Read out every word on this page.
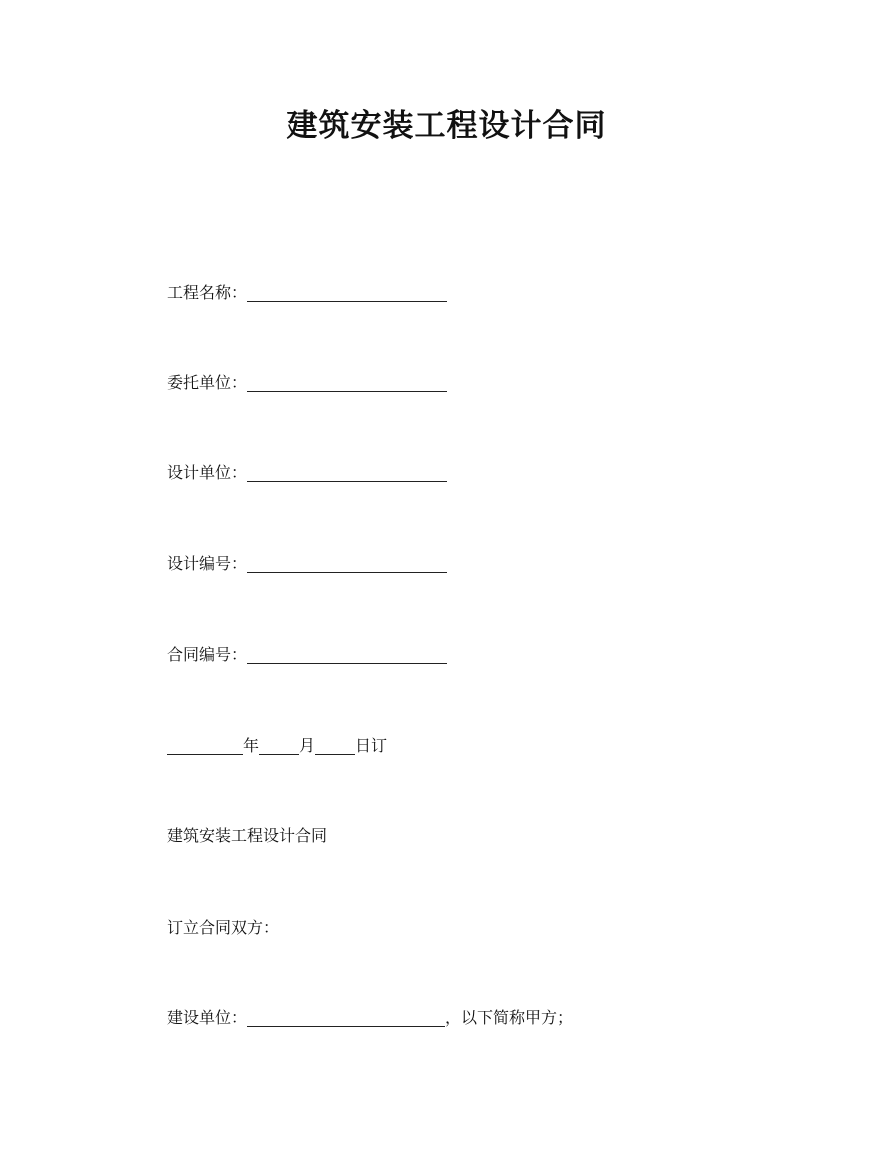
建筑安装工程设计合同
工程名称：
委托单位：
设计单位：
设计编号：
合同编号：
年	月	日订
建筑安装工程设计合同
订立合同双方：
建设单位：	，以下简称甲方；
